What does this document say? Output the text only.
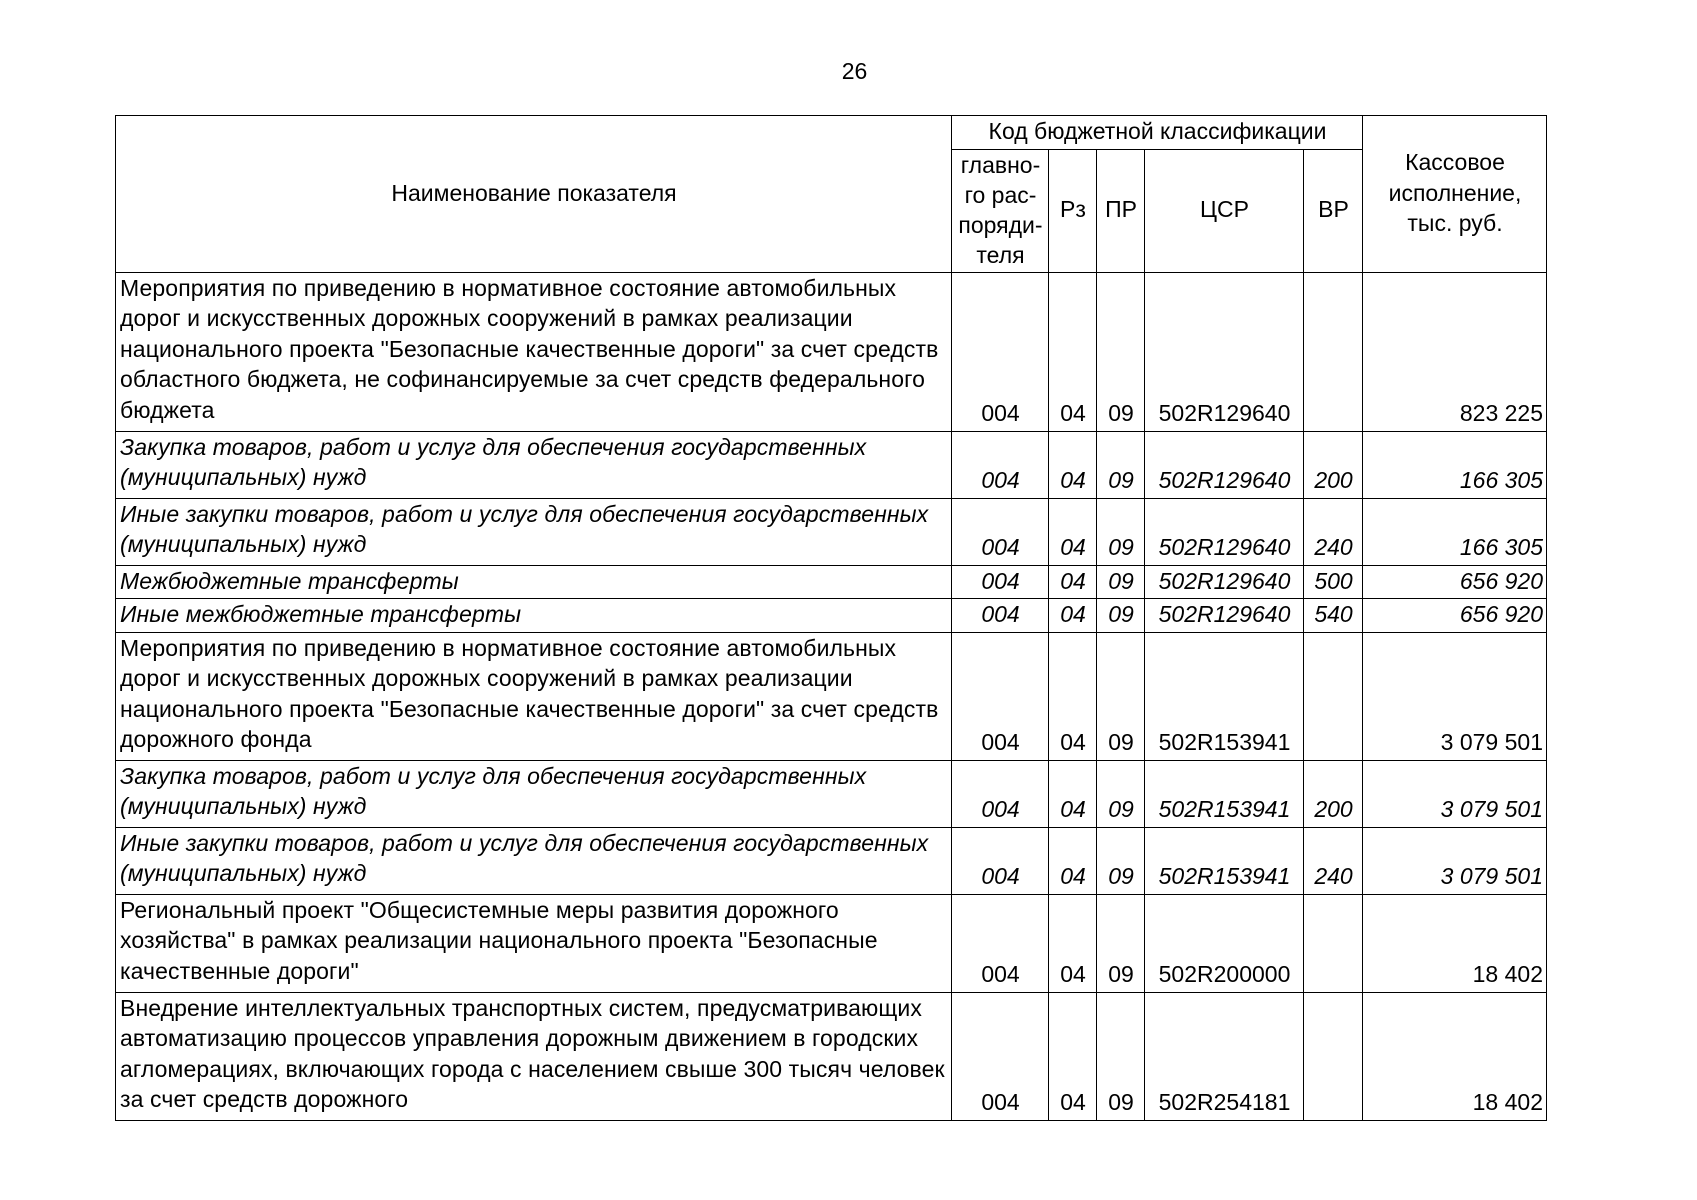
26
Наименование показателя	Код бюджетной классификации					Кассовое исполнение, тыс. руб.
	главно-го рас-поряди-теля	Рз	ПР	ЦСР	ВР	
Мероприятия по приведению в нормативное состояние автомобильных дорог и искусственных дорожных сооружений в рамках реализации национального проекта "Безопасные качественные дороги" за счет средств областного бюджета, не софинансируемые за счет средств федерального бюджета	004	04	09	502R129640		823 225
Закупка товаров, работ и услуг для обеспечения государственных (муниципальных) нужд	004	04	09	502R129640	200	166 305
Иные закупки товаров, работ и услуг для обеспечения государственных (муниципальных) нужд	004	04	09	502R129640	240	166 305
Межбюджетные трансферты	004	04	09	502R129640	500	656 920
Иные межбюджетные трансферты	004	04	09	502R129640	540	656 920
Мероприятия по приведению в нормативное состояние автомобильных дорог и искусственных дорожных сооружений в рамках реализации национального проекта "Безопасные качественные дороги" за счет средств дорожного фонда	004	04	09	502R153941		3 079 501
Закупка товаров, работ и услуг для обеспечения государственных (муниципальных) нужд	004	04	09	502R153941	200	3 079 501
Иные закупки товаров, работ и услуг для обеспечения государственных (муниципальных) нужд	004	04	09	502R153941	240	3 079 501
Региональный проект "Общесистемные меры развития дорожного хозяйства" в рамках реализации национального проекта "Безопасные качественные дороги"	004	04	09	502R200000		18 402
Внедрение интеллектуальных транспортных систем, предусматривающих автоматизацию процессов управления дорожным движением в городских агломерациях, включающих города с населением свыше 300 тысяч человек за счет средств дорожного	004	04	09	502R254181		18 402
